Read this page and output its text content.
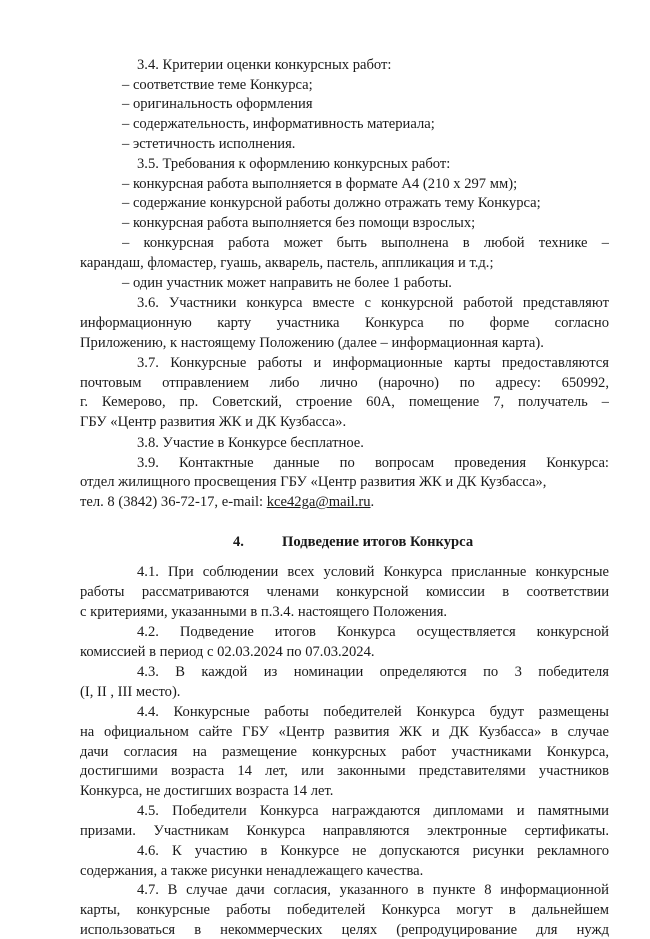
3.4. Критерии оценки конкурсных работ:
– соответствие теме Конкурса;
– оригинальность оформления
– содержательность, информативность материала;
– эстетичность исполнения.
3.5. Требования к оформлению конкурсных работ:
– конкурсная работа выполняется в формате А4 (210 х 297 мм);
– содержание конкурсной работы должно отражать тему Конкурса;
– конкурсная работа выполняется без помощи взрослых;
– конкурсная работа может быть выполнена в любой технике –
карандаш, фломастер, гуашь, акварель, пастель, аппликация и т.д.;
– один участник может направить не более 1 работы.
3.6. Участники конкурса вместе с конкурсной работой представляют
информационную карту участника Конкурса по форме согласно
Приложению, к настоящему Положению (далее – информационная карта).
3.7. Конкурсные работы и информационные карты предоставляются
почтовым отправлением либо лично (нарочно) по адресу: 650992,
г. Кемерово, пр. Советский, строение 60А, помещение 7, получатель –
ГБУ «Центр развития ЖК и ДК Кузбасса».
3.8. Участие в Конкурсе бесплатное.
3.9. Контактные данные по вопросам проведения Конкурса:
отдел жилищного просвещения ГБУ «Центр развития ЖК и ДК Кузбасса»,
тел. 8 (3842) 36-72-17, e-mail: kce42ga@mail.ru.
4.	Подведение итогов Конкурса
4.1. При соблюдении всех условий Конкурса присланные конкурсные
работы рассматриваются членами конкурсной комиссии в соответствии
с критериями, указанными в п.3.4. настоящего Положения.
4.2. Подведение итогов Конкурса осуществляется конкурсной
комиссией в период с 02.03.2024 по 07.03.2024.
4.3. В каждой из номинации определяются по 3 победителя
(I, II , III место).
4.4. Конкурсные работы победителей Конкурса будут размещены
на официальном сайте ГБУ «Центр развития ЖК и ДК Кузбасса» в случае
дачи согласия на размещение конкурсных работ участниками Конкурса,
достигшими возраста 14 лет, или законными представителями участников
Конкурса, не достигших возраста 14 лет.
4.5. Победители Конкурса награждаются дипломами и памятными
призами. Участникам Конкурса направляются электронные сертификаты.
4.6. К участию в Конкурсе не допускаются рисунки рекламного
содержания, а также рисунки ненадлежащего качества.
4.7. В случае дачи согласия, указанного в пункте 8 информационной
карты, конкурсные работы победителей Конкурса могут в дальнейшем
использоваться в некоммерческих целях (репродуцирование для нужд
